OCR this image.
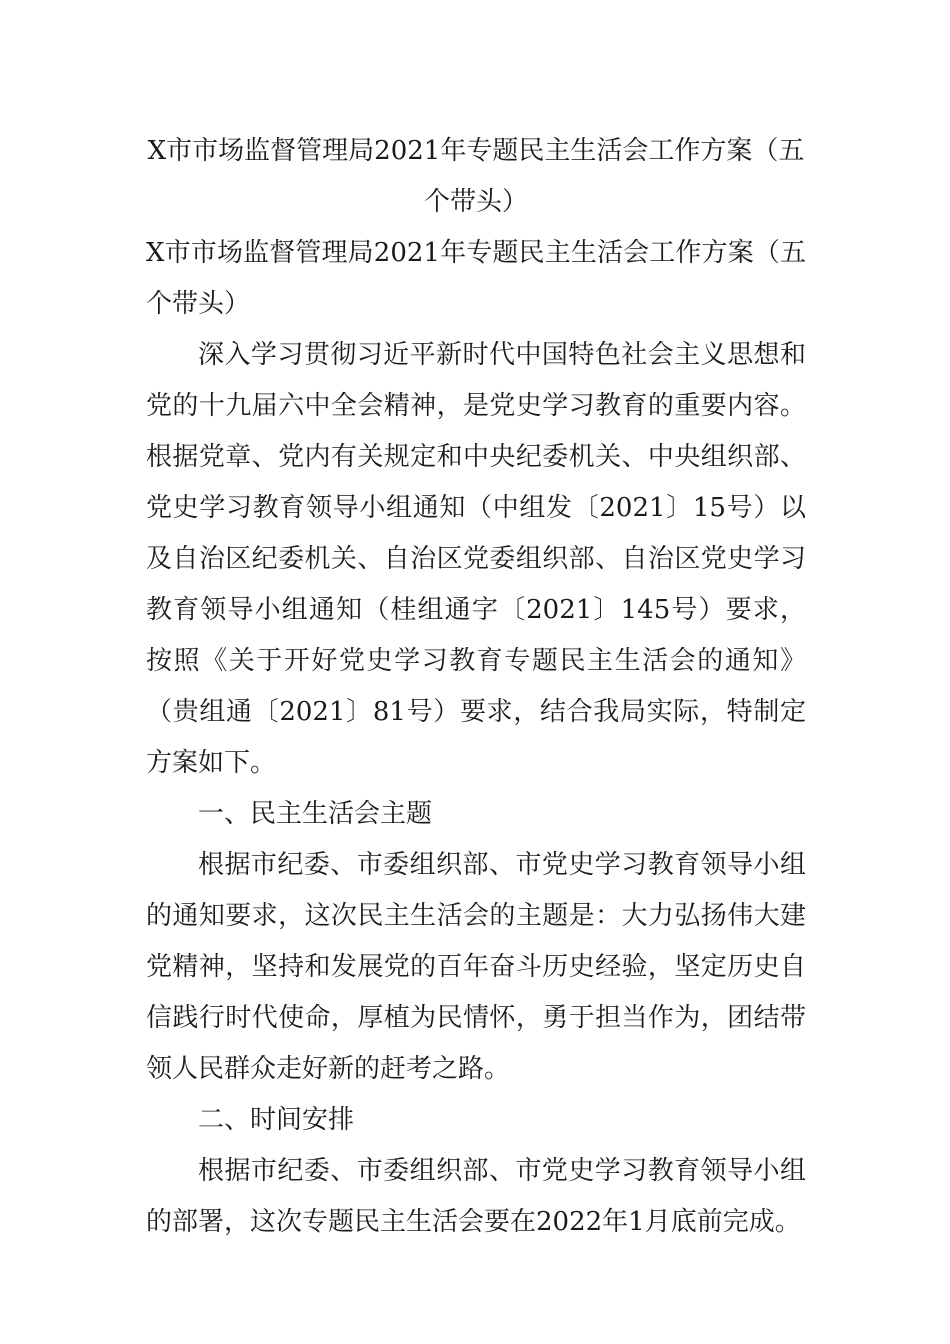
X市市场监督管理局2021年专题民主生活会工作方案（五个带头）

X市市场监督管理局2021年专题民主生活会工作方案（五个带头）

深入学习贯彻习近平新时代中国特色社会主义思想和党的十九届六中全会精神，是党史学习教育的重要内容。根据党章、党内有关规定和中央纪委机关、中央组织部、党史学习教育领导小组通知（中组发〔2021〕15号）以及自治区纪委机关、自治区党委组织部、自治区党史学习教育领导小组通知（桂组通字〔2021〕145号）要求，按照《关于开好党史学习教育专题民主生活会的通知》（贵组通〔2021〕81号）要求，结合我局实际，特制定方案如下。

一、民主生活会主题

根据市纪委、市委组织部、市党史学习教育领导小组的通知要求，这次民主生活会的主题是：大力弘扬伟大建党精神，坚持和发展党的百年奋斗历史经验，坚定历史自信践行时代使命，厚植为民情怀，勇于担当作为，团结带领人民群众走好新的赶考之路。

二、时间安排

根据市纪委、市委组织部、市党史学习教育领导小组的部署，这次专题民主生活会要在2022年1月底前完成。
